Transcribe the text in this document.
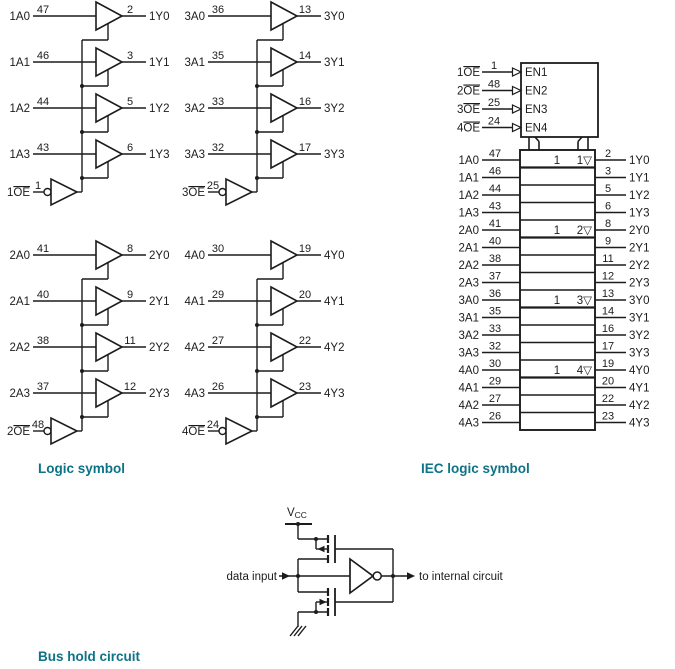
1A0
47	2
1Y0
1A1
46	3
1Y1
1A2
44	5
1Y2
1A3
43	6
1Y3
1OE
1
2A0
41	8
2Y0
2A1
40	9
2Y1
2A2
38	11
2Y2
2A3
37	12
2Y3
2OE
48
3A0
36	13
3Y0
3A1
35	14
3Y1
3A2
33	16
3Y2
3A3
32	17
3Y3
3OE
25
4A0
30	19
4Y0
4A1
29	20
4Y1
4A2
27	22
4Y2
4A3
26	23
4Y3
4OE
24
Logic symbol
1OE
1
EN1
2OE
48
EN2
3OE
25
EN3
4OE
24
EN4
1A0
47	2
1Y0
1 1▽
1A1
46	3
1Y1
1A2
44	5
1Y2
1A3
43	6
1Y3
2A0
41	8
2Y0
1 2▽
2A1
40	9
2Y1
2A2
38	11
2Y2
2A3
37	12
2Y3
3A0
36	13
3Y0
1 3▽
3A1
35	14
3Y1
3A2
33	16
3Y2
3A3
32	17
3Y3
4A0
30	19
4Y0
1 4▽
4A1
29	20
4Y1
4A2
27	22
4Y2
4A3
26	23
4Y3
IEC logic symbol
VCC
data input	to internal circuit
Bus hold circuit
